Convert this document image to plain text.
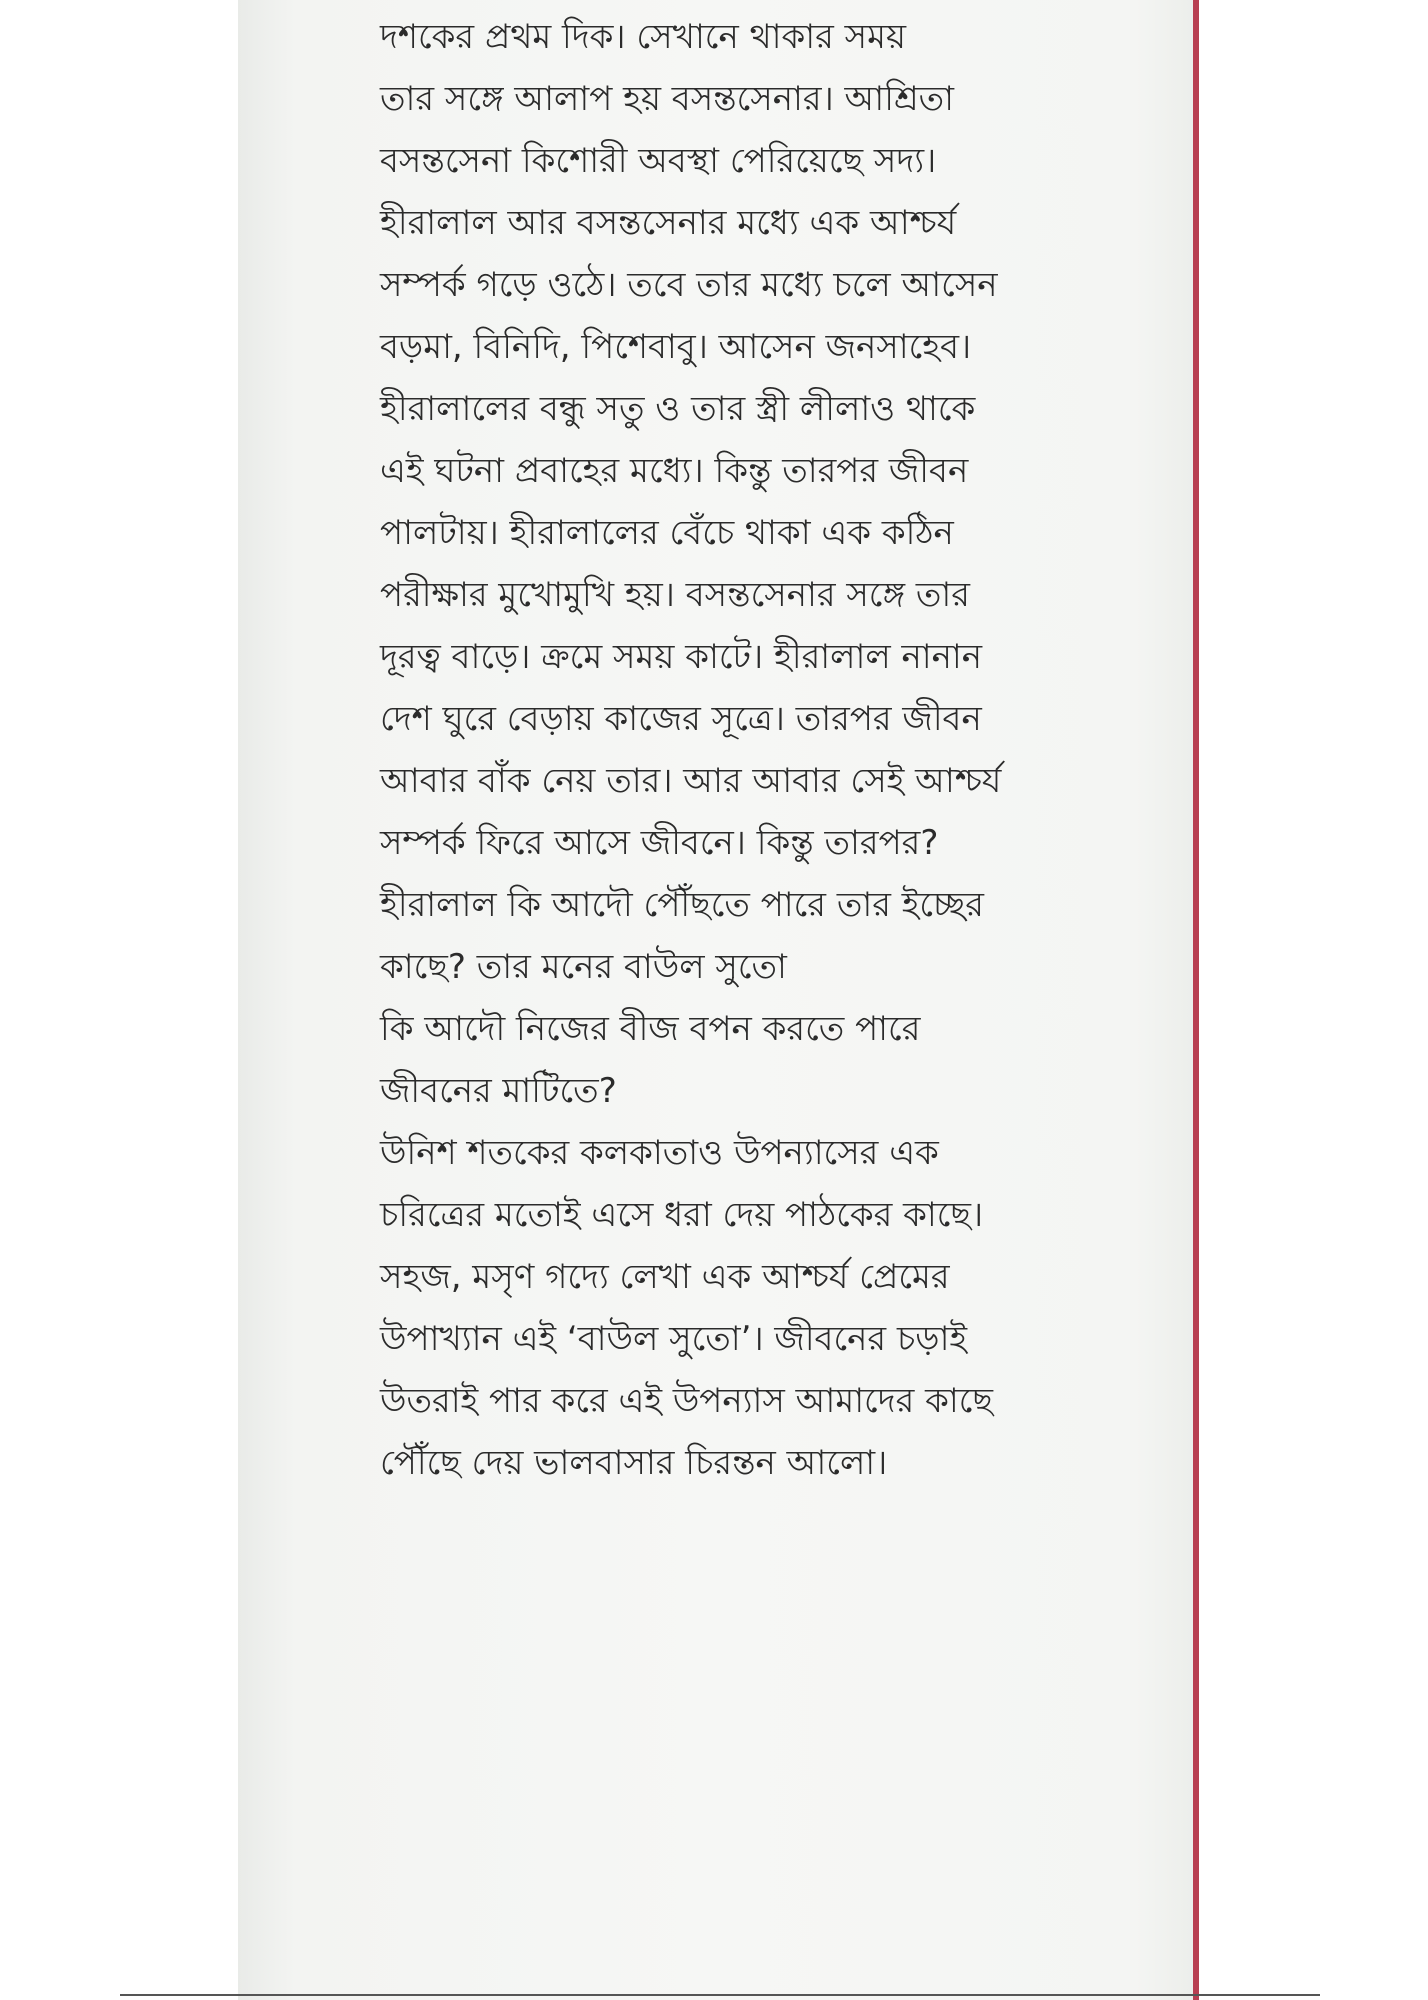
দশকের প্রথম দিক। সেখানে থাকার সময়
তার সঙ্গে আলাপ হয় বসন্তসেনার। আশ্রিতা
বসন্তসেনা কিশোরী অবস্থা পেরিয়েছে সদ্য।
হীরালাল আর বসন্তসেনার মধ্যে এক আশ্চর্য
সম্পর্ক গড়ে ওঠে। তবে তার মধ্যে চলে আসেন
বড়মা, বিনিদি, পিশেবাবু। আসেন জনসাহেব।
হীরালালের বন্ধু সতু ও তার স্ত্রী লীলাও থাকে
এই ঘটনা প্রবাহের মধ্যে। কিন্তু তারপর জীবন
পালটায়। হীরালালের বেঁচে থাকা এক কঠিন
পরীক্ষার মুখোমুখি হয়। বসন্তসেনার সঙ্গে তার
দূরত্ব বাড়ে। ক্রমে সময় কাটে। হীরালাল নানান
দেশ ঘুরে বেড়ায় কাজের সূত্রে। তারপর জীবন
আবার বাঁক নেয় তার। আর আবার সেই আশ্চর্য
সম্পর্ক ফিরে আসে জীবনে। কিন্তু তারপর?
হীরালাল কি আদৌ পৌঁছতে পারে তার ইচ্ছের
কাছে? তার মনের বাউল সুতো
কি আদৌ নিজের বীজ বপন করতে পারে
জীবনের মাটিতে?
উনিশ শতকের কলকাতাও উপন্যাসের এক
চরিত্রের মতোই এসে ধরা দেয় পাঠকের কাছে।
সহজ, মসৃণ গদ্যে লেখা এক আশ্চর্য প্রেমের
উপাখ্যান এই ‘বাউল সুতো’। জীবনের চড়াই
উতরাই পার করে এই উপন্যাস আমাদের কাছে
পৌঁছে দেয় ভালবাসার চিরন্তন আলো।
